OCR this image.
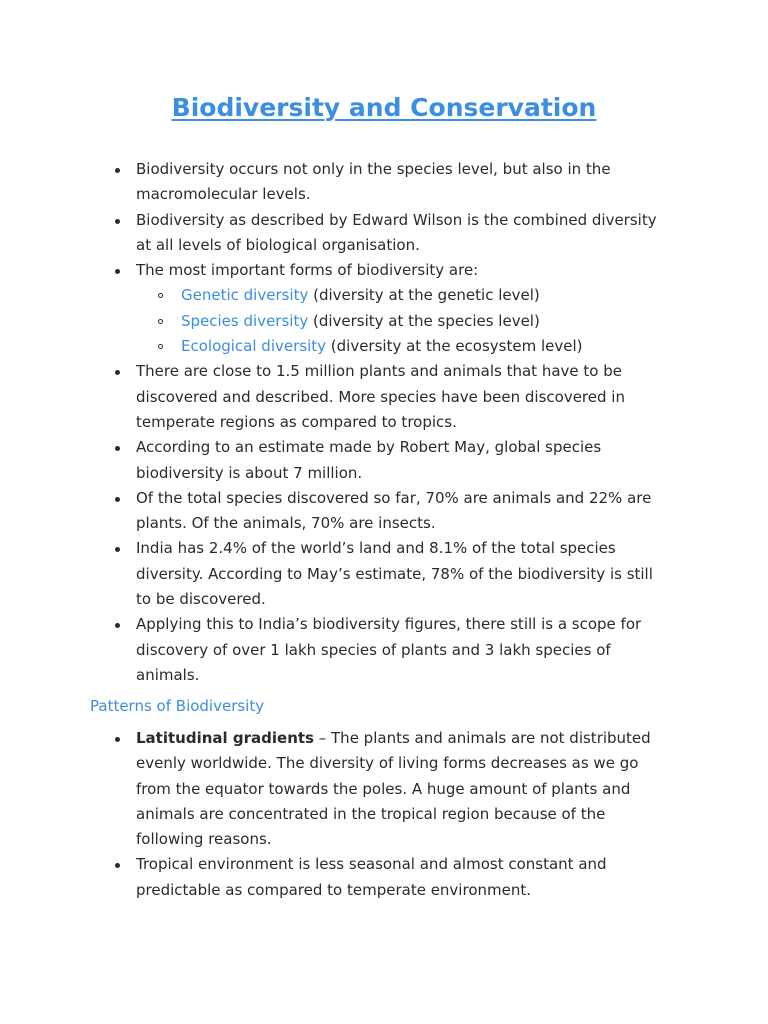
Biodiversity and Conservation
Biodiversity occurs not only in the species level, but also in the macromolecular levels.
Biodiversity as described by Edward Wilson is the combined diversity at all levels of biological organisation.
The most important forms of biodiversity are:
Genetic diversity (diversity at the genetic level)
Species diversity (diversity at the species level)
Ecological diversity (diversity at the ecosystem level)
There are close to 1.5 million plants and animals that have to be discovered and described. More species have been discovered in temperate regions as compared to tropics.
According to an estimate made by Robert May, global species biodiversity is about 7 million.
Of the total species discovered so far, 70% are animals and 22% are plants. Of the animals, 70% are insects.
India has 2.4% of the world’s land and 8.1% of the total species diversity. According to May’s estimate, 78% of the biodiversity is still to be discovered.
Applying this to India’s biodiversity figures, there still is a scope for discovery of over 1 lakh species of plants and 3 lakh species of animals.
Patterns of Biodiversity
Latitudinal gradients – The plants and animals are not distributed evenly worldwide. The diversity of living forms decreases as we go from the equator towards the poles. A huge amount of plants and animals are concentrated in the tropical region because of the following reasons.
Tropical environment is less seasonal and almost constant and predictable as compared to temperate environment.
